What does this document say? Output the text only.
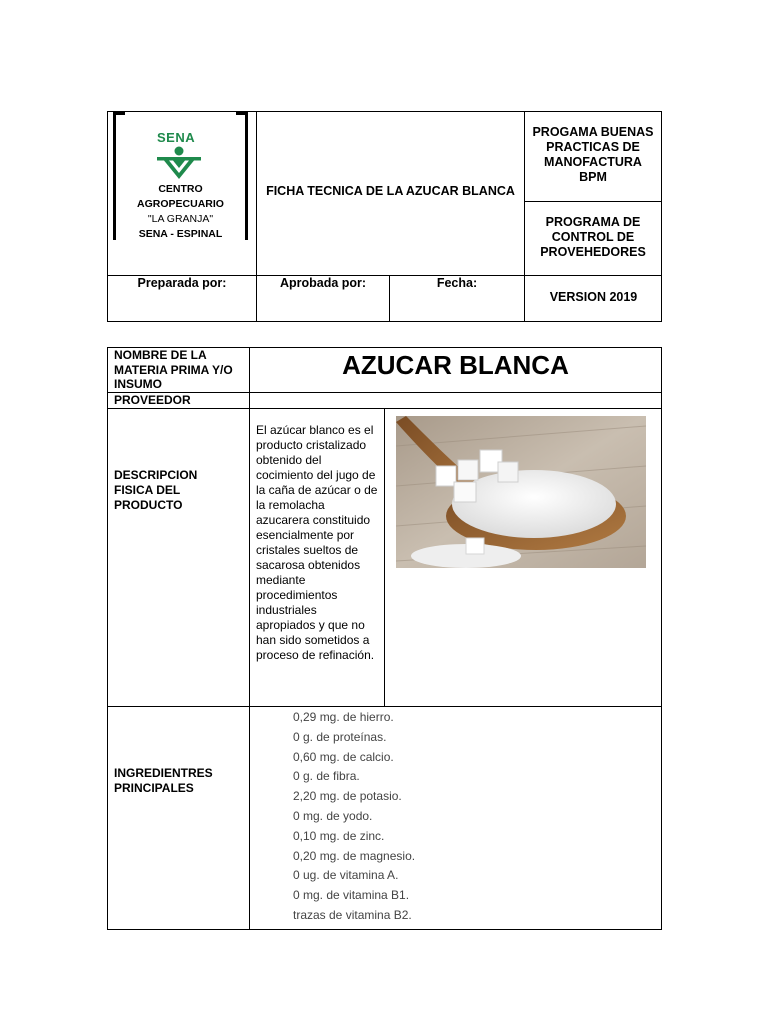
SENA
CENTRO
AGROPECUARIO
"LA GRANJA"
SENA - ESPINAL
FICHA TECNICA DE LA AZUCAR BLANCA
PROGAMA BUENAS PRACTICAS DE MANOFACTURA BPM
PROGRAMA DE CONTROL DE PROVEHEDORES
Preparada por:	Aprobada por:	Fecha:
VERSION 2019
NOMBRE DE LA MATERIA PRIMA Y/O INSUMO
AZUCAR BLANCA
PROVEEDOR
DESCRIPCION FISICA DEL PRODUCTO
El azúcar blanco es el producto cristalizado obtenido del cocimiento del jugo de la caña de azúcar o de la remolacha azucarera constituido esencialmente por cristales sueltos de sacarosa obtenidos mediante procedimientos industriales apropiados y que no han sido sometidos a proceso de refinación.
INGREDIENTRES PRINCIPALES
0,29 mg. de hierro.
0 g. de proteínas.
0,60 mg. de calcio.
0 g. de fibra.
2,20 mg. de potasio.
0 mg. de yodo.
0,10 mg. de zinc.
0,20 mg. de magnesio.
0 ug. de vitamina A.
0 mg. de vitamina B1.
trazas de vitamina B2.
